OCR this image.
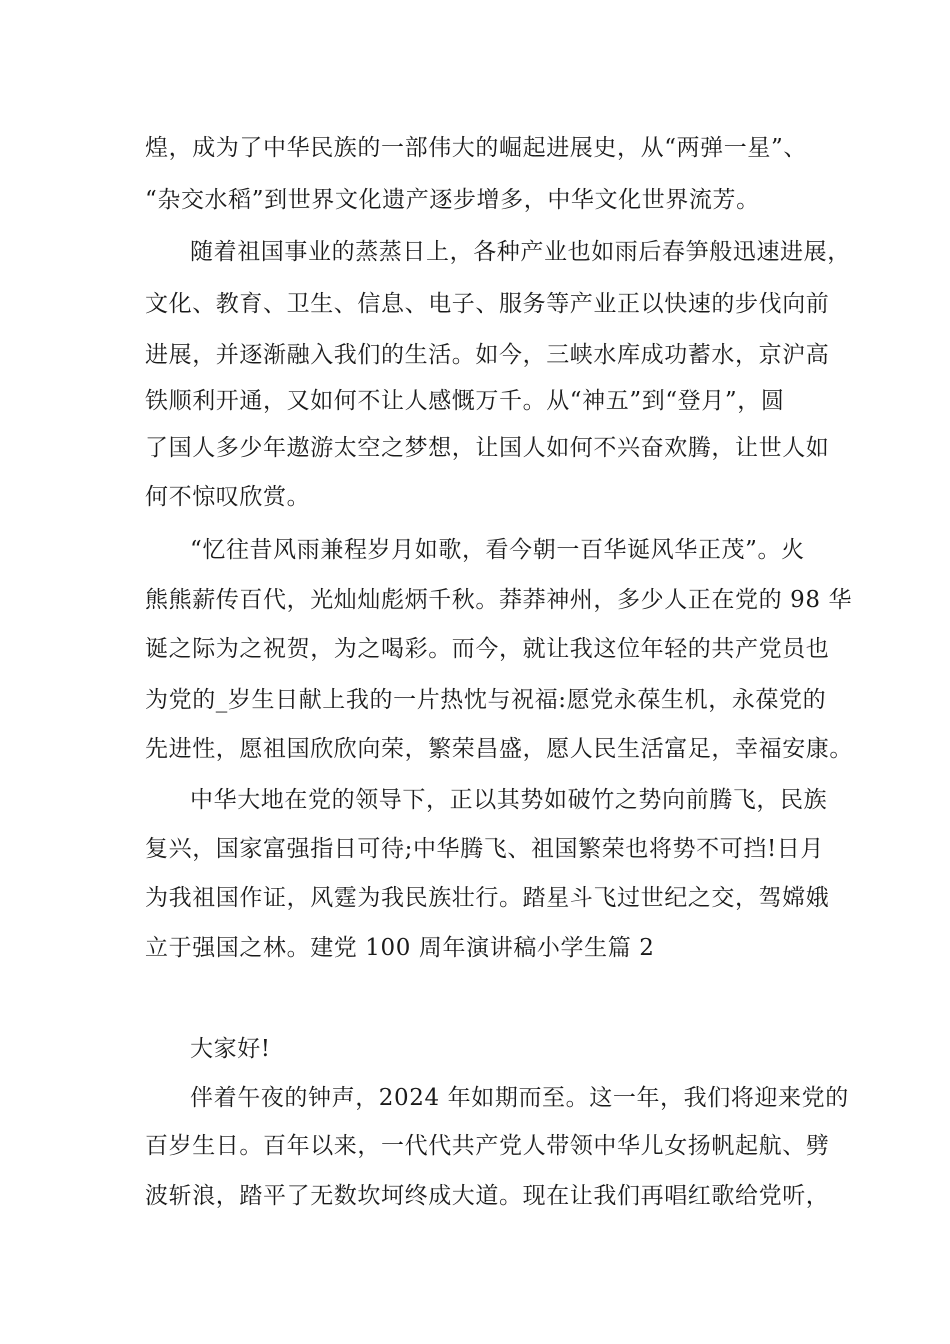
煌，成为了中华民族的一部伟大的崛起进展史，从“两弹一星”、
“杂交水稻”到世界文化遗产逐步增多，中华文化世界流芳。
随着祖国事业的蒸蒸日上，各种产业也如雨后春笋般迅速进展，
文化、教育、卫生、信息、电子、服务等产业正以快速的步伐向前
进展，并逐渐融入我们的生活。如今，三峡水库成功蓄水，京沪高
铁顺利开通，又如何不让人感慨万千。从“神五”到“登月”，圆
了国人多少年遨游太空之梦想，让国人如何不兴奋欢腾，让世人如
何不惊叹欣赏。
“忆往昔风雨兼程岁月如歌，看今朝一百华诞风华正茂”。火
熊熊薪传百代，光灿灿彪炳千秋。莽莽神州，多少人正在党的 98 华
诞之际为之祝贺，为之喝彩。而今，就让我这位年轻的共产党员也
为党的_岁生日献上我的一片热忱与祝福:愿党永葆生机，永葆党的
先进性，愿祖国欣欣向荣，繁荣昌盛，愿人民生活富足，幸福安康。
中华大地在党的领导下，正以其势如破竹之势向前腾飞，民族
复兴，国家富强指日可待;中华腾飞、祖国繁荣也将势不可挡!日月
为我祖国作证，风霆为我民族壮行。踏星斗飞过世纪之交，驾嫦娥
立于强国之林。建党 100 周年演讲稿小学生篇 2
大家好!
伴着午夜的钟声，2024 年如期而至。这一年，我们将迎来党的
百岁生日。百年以来，一代代共产党人带领中华儿女扬帆起航、劈
波斩浪，踏平了无数坎坷终成大道。现在让我们再唱红歌给党听，
